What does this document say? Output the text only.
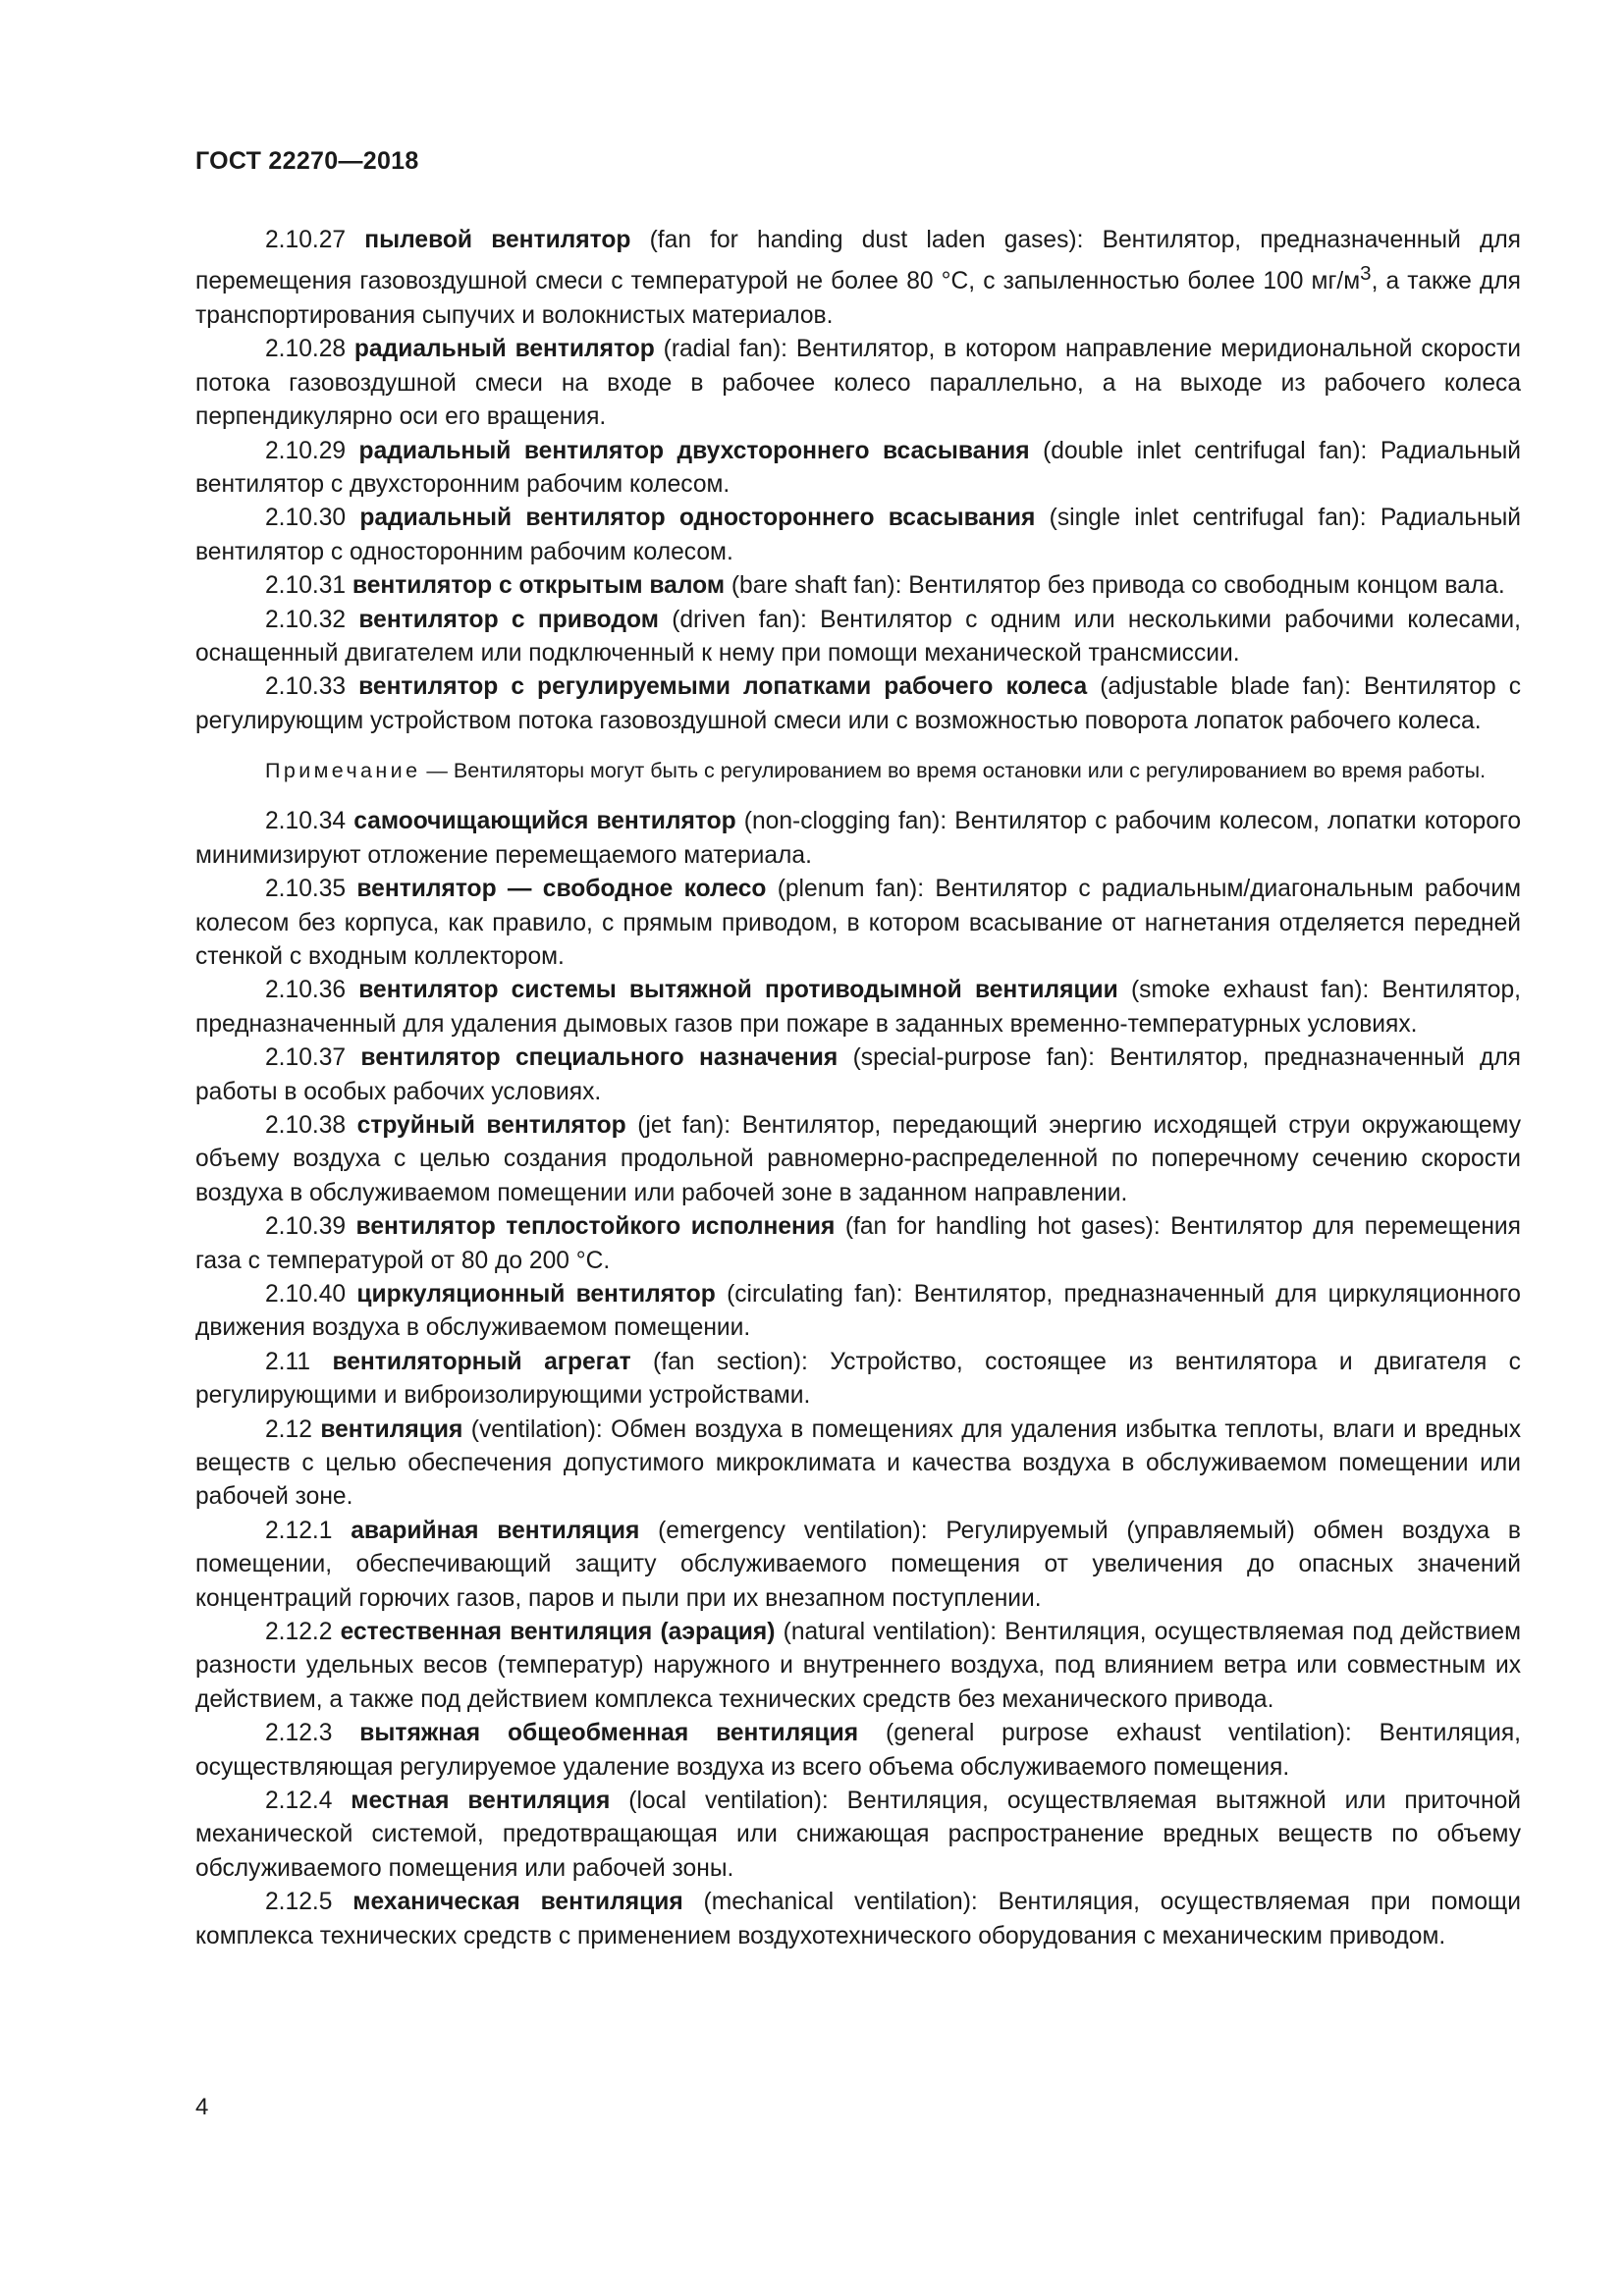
ГОСТ 22270—2018

2.10.27 пылевой вентилятор (fan for handing dust laden gases): Вентилятор, предназначенный для перемещения газовоздушной смеси с температурой не более 80 °C, с запыленностью более 100 $мг/м^3$, а также для транспортирования сыпучих и волокнистых материалов.

2.10.28 радиальный вентилятор (radial fan): Вентилятор, в котором направление меридиональной скорости потока газовоздушной смеси на входе в рабочее колесо параллельно, а на выходе из рабочего колеса перпендикулярно оси его вращения.

2.10.29 радиальный вентилятор двухстороннего всасывания (double inlet centrifugal fan): Радиальный вентилятор с двухсторонним рабочим колесом.

2.10.30 радиальный вентилятор одностороннего всасывания (single inlet centrifugal fan): Радиальный вентилятор с односторонним рабочим колесом.

2.10.31 вентилятор с открытым валом (bare shaft fan): Вентилятор без привода со свободным концом вала.

2.10.32 вентилятор с приводом (driven fan): Вентилятор с одним или несколькими рабочими колесами, оснащенный двигателем или подключенный к нему при помощи механической трансмиссии.

2.10.33 вентилятор с регулируемыми лопатками рабочего колеса (adjustable blade fan): Вентилятор с регулирующим устройством потока газовоздушной смеси или с возможностью поворота лопаток рабочего колеса.

Примечание — Вентиляторы могут быть с регулированием во время остановки или с регулированием во время работы.

2.10.34 самоочищающийся вентилятор (non-clogging fan): Вентилятор с рабочим колесом, лопатки которого минимизируют отложение перемещаемого материала.

2.10.35 вентилятор — свободное колесо (plenum fan): Вентилятор с радиальным/диагональным рабочим колесом без корпуса, как правило, с прямым приводом, в котором всасывание от нагнетания отделяется передней стенкой с входным коллектором.

2.10.36 вентилятор системы вытяжной противодымной вентиляции (smoke exhaust fan): Вентилятор, предназначенный для удаления дымовых газов при пожаре в заданных временно-температурных условиях.

2.10.37 вентилятор специального назначения (special-purpose fan): Вентилятор, предназначенный для работы в особых рабочих условиях.

2.10.38 струйный вентилятор (jet fan): Вентилятор, передающий энергию исходящей струи окружающему объему воздуха с целью создания продольной равномерно-распределенной по поперечному сечению скорости воздуха в обслуживаемом помещении или рабочей зоне в заданном направлении.

2.10.39 вентилятор теплостойкого исполнения (fan for handling hot gases): Вентилятор для перемещения газа с температурой от 80 до 200 °C.

2.10.40 циркуляционный вентилятор (circulating fan): Вентилятор, предназначенный для циркуляционного движения воздуха в обслуживаемом помещении.

2.11 вентиляторный агрегат (fan section): Устройство, состоящее из вентилятора и двигателя с регулирующими и виброизолирующими устройствами.

2.12 вентиляция (ventilation): Обмен воздуха в помещениях для удаления избытка теплоты, влаги и вредных веществ с целью обеспечения допустимого микроклимата и качества воздуха в обслуживаемом помещении или рабочей зоне.

2.12.1 аварийная вентиляция (emergency ventilation): Регулируемый (управляемый) обмен воздуха в помещении, обеспечивающий защиту обслуживаемого помещения от увеличения до опасных значений концентраций горючих газов, паров и пыли при их внезапном поступлении.

2.12.2 естественная вентиляция (аэрация) (natural ventilation): Вентиляция, осуществляемая под действием разности удельных весов (температур) наружного и внутреннего воздуха, под влиянием ветра или совместным их действием, а также под действием комплекса технических средств без механического привода.

2.12.3 вытяжная общеобменная вентиляция (general purpose exhaust ventilation): Вентиляция, осуществляющая регулируемое удаление воздуха из всего объема обслуживаемого помещения.

2.12.4 местная вентиляция (local ventilation): Вентиляция, осуществляемая вытяжной или приточной механической системой, предотвращающая или снижающая распространение вредных веществ по объему обслуживаемого помещения или рабочей зоны.

2.12.5 механическая вентиляция (mechanical ventilation): Вентиляция, осуществляемая при помощи комплекса технических средств с применением воздухотехнического оборудования с механическим приводом.

4
